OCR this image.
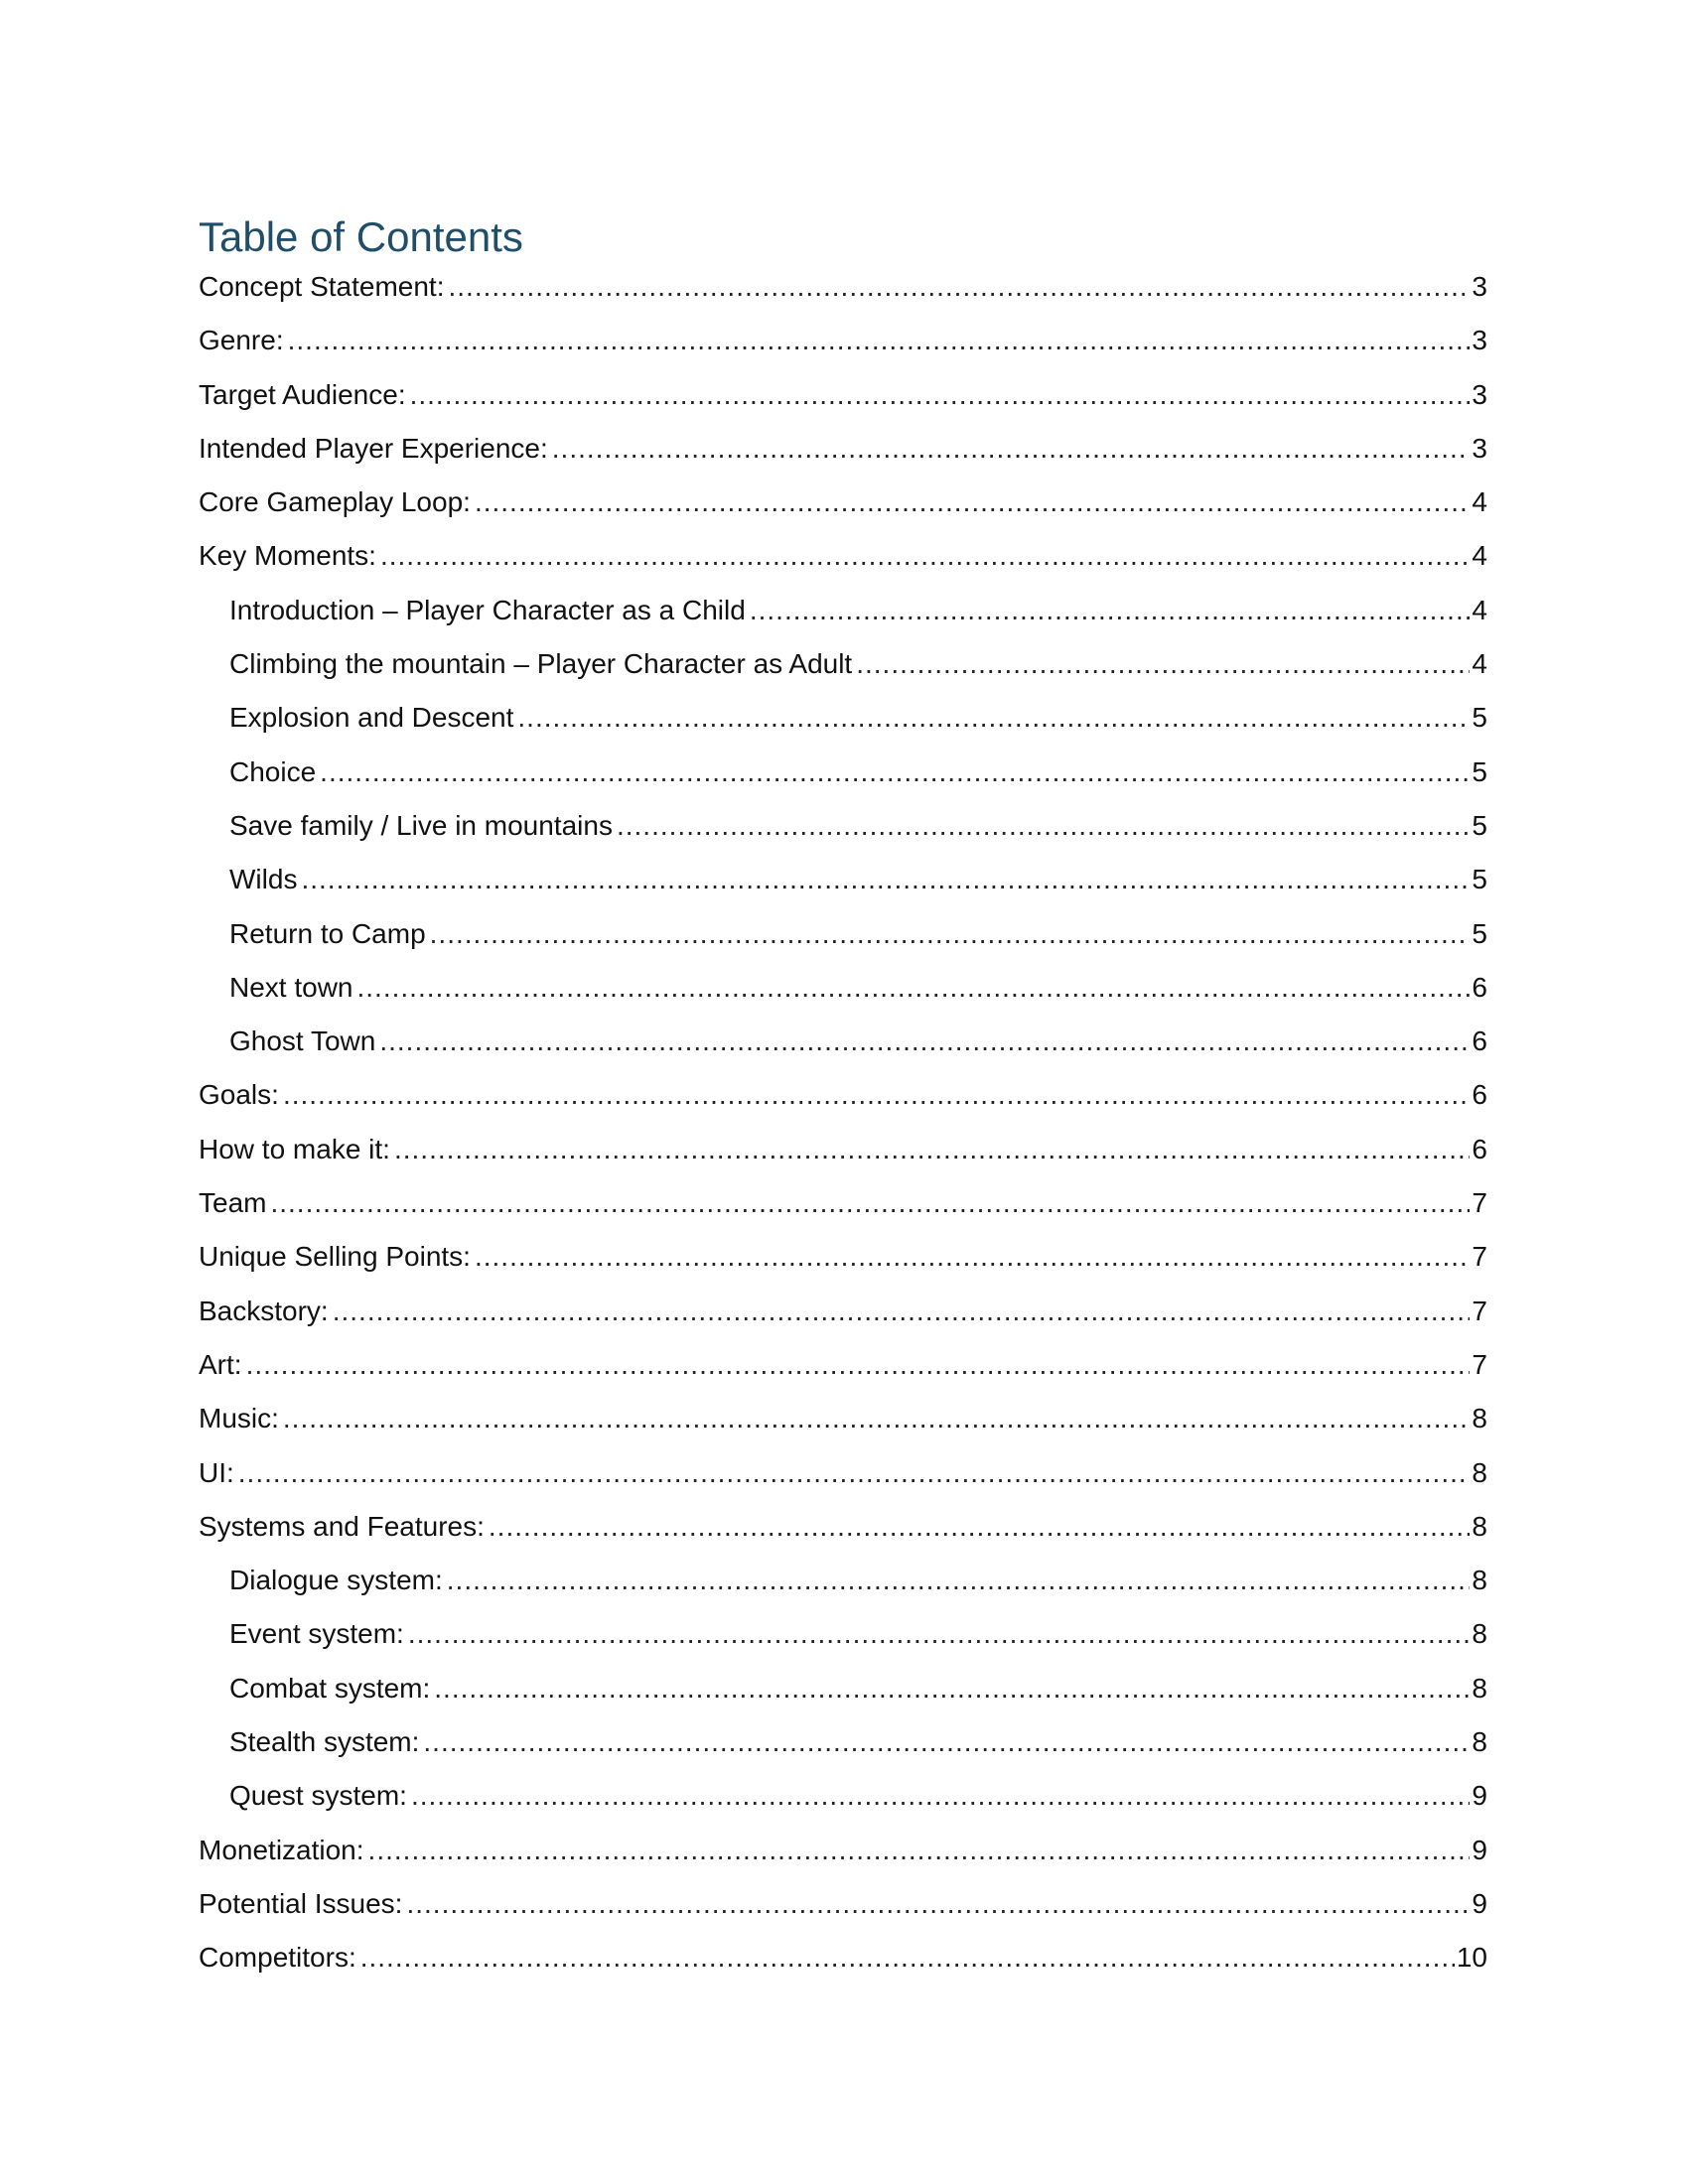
Table of Contents
Concept Statement: .....	3
Genre: .....	3
Target Audience: .....	3
Intended Player Experience: .....	3
Core Gameplay Loop: .....	4
Key Moments: .....	4
Introduction – Player Character as a Child .....	4
Climbing the mountain – Player Character as Adult .....	4
Explosion and Descent .....	5
Choice .....	5
Save family / Live in mountains .....	5
Wilds .....	5
Return to Camp .....	5
Next town .....	6
Ghost Town .....	6
Goals: .....	6
How to make it: .....	6
Team .....	7
Unique Selling Points: .....	7
Backstory: .....	7
Art: .....	7
Music: .....	8
UI: .....	8
Systems and Features: .....	8
Dialogue system: .....	8
Event system: .....	8
Combat system: .....	8
Stealth system: .....	8
Quest system: .....	9
Monetization: .....	9
Potential Issues: .....	9
Competitors: .....	10
